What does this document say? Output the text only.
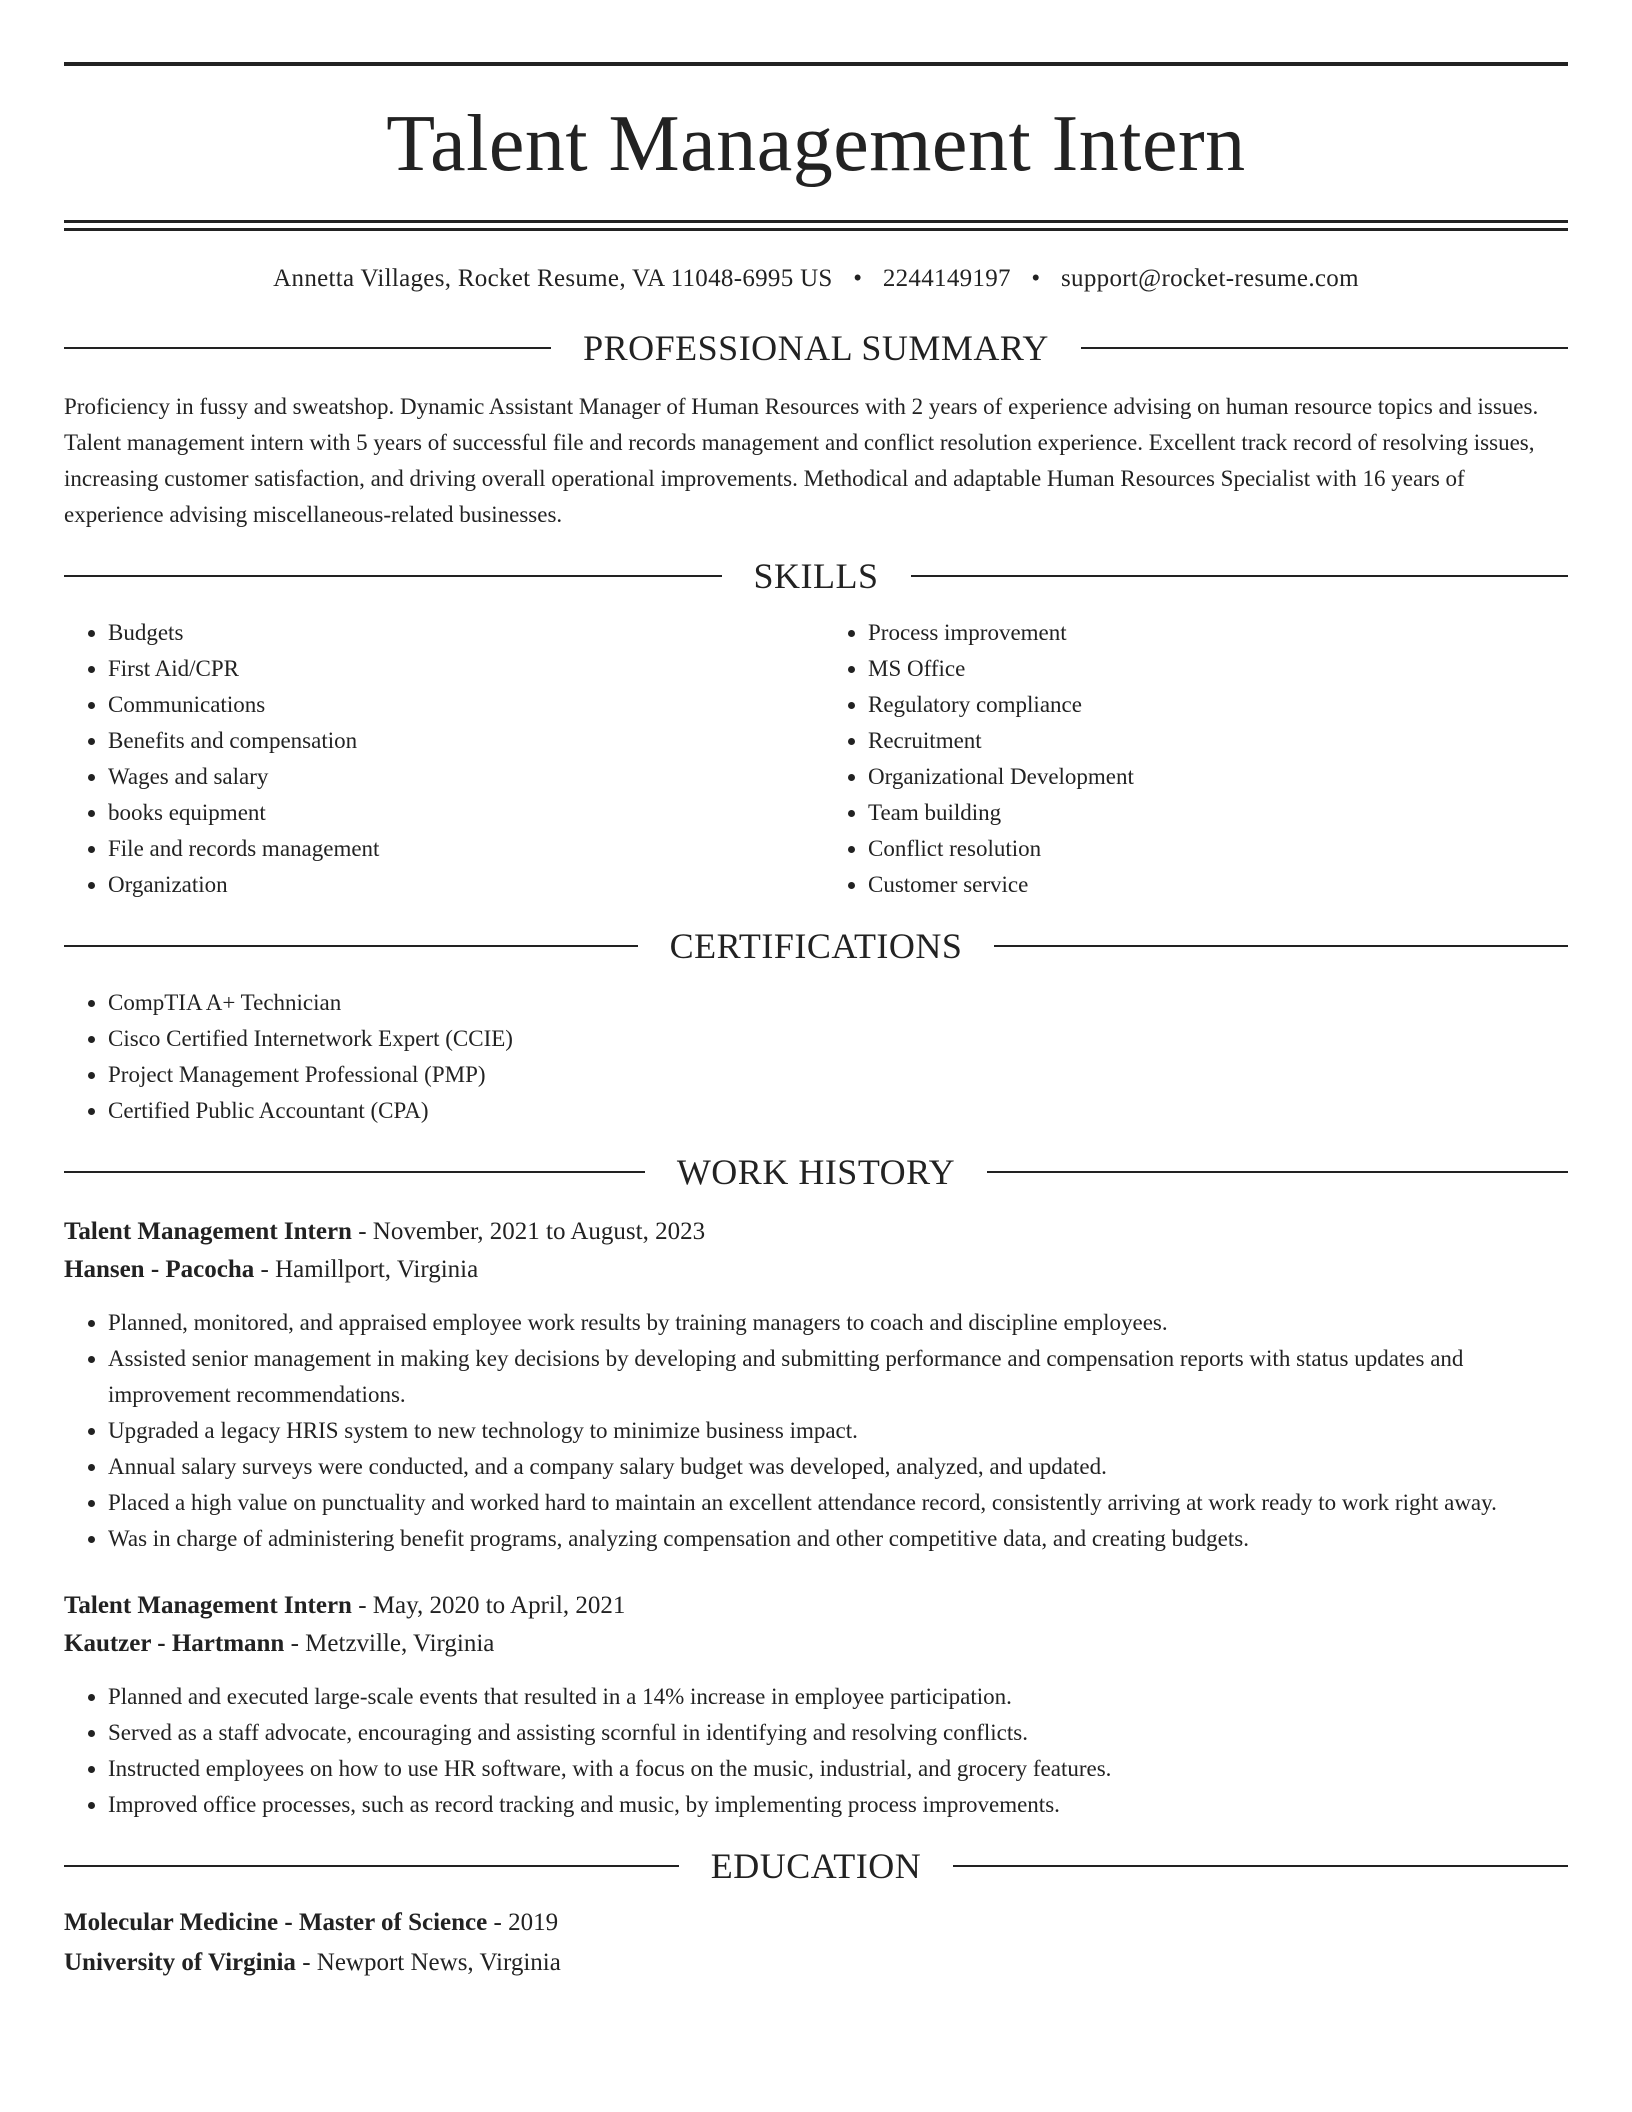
Talent Management Intern
Annetta Villages, Rocket Resume, VA 11048-6995 US • 2244149197 • support@rocket-resume.com
PROFESSIONAL SUMMARY
Proficiency in fussy and sweatshop. Dynamic Assistant Manager of Human Resources with 2 years of experience advising on human resource topics and issues. Talent management intern with 5 years of successful file and records management and conflict resolution experience. Excellent track record of resolving issues, increasing customer satisfaction, and driving overall operational improvements. Methodical and adaptable Human Resources Specialist with 16 years of experience advising miscellaneous-related businesses.
SKILLS
• Budgets
• First Aid/CPR
• Communications
• Benefits and compensation
• Wages and salary
• books equipment
• File and records management
• Organization
• Process improvement
• MS Office
• Regulatory compliance
• Recruitment
• Organizational Development
• Team building
• Conflict resolution
• Customer service
CERTIFICATIONS
• CompTIA A+ Technician
• Cisco Certified Internetwork Expert (CCIE)
• Project Management Professional (PMP)
• Certified Public Accountant (CPA)
WORK HISTORY
Talent Management Intern - November, 2021 to August, 2023
Hansen - Pacocha - Hamillport, Virginia
• Planned, monitored, and appraised employee work results by training managers to coach and discipline employees.
• Assisted senior management in making key decisions by developing and submitting performance and compensation reports with status updates and improvement recommendations.
• Upgraded a legacy HRIS system to new technology to minimize business impact.
• Annual salary surveys were conducted, and a company salary budget was developed, analyzed, and updated.
• Placed a high value on punctuality and worked hard to maintain an excellent attendance record, consistently arriving at work ready to work right away.
• Was in charge of administering benefit programs, analyzing compensation and other competitive data, and creating budgets.
Talent Management Intern - May, 2020 to April, 2021
Kautzer - Hartmann - Metzville, Virginia
• Planned and executed large-scale events that resulted in a 14% increase in employee participation.
• Served as a staff advocate, encouraging and assisting scornful in identifying and resolving conflicts.
• Instructed employees on how to use HR software, with a focus on the music, industrial, and grocery features.
• Improved office processes, such as record tracking and music, by implementing process improvements.
EDUCATION
Molecular Medicine - Master of Science - 2019
University of Virginia - Newport News, Virginia
